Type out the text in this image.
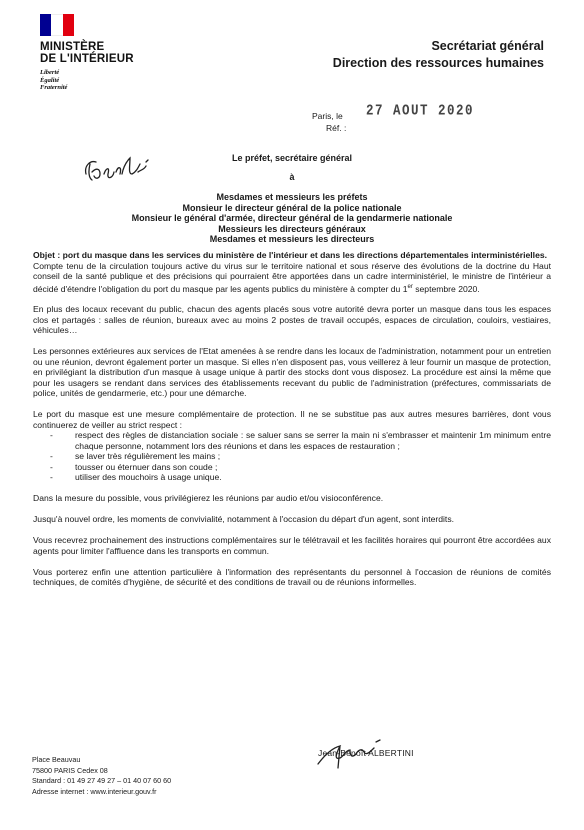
MINISTÈRE
DE L'INTÉRIEUR
Liberté
Égalité
Fraternité
Secrétariat général
Direction des ressources humaines
Paris, le
Réf. :
27 AOUT 2020
Le préfet, secrétaire général
à
Mesdames et messieurs les préfets
Monsieur le directeur général de la police nationale
Monsieur le général d'armée, directeur général de la gendarmerie nationale
Messieurs les directeurs généraux
Mesdames et messieurs les directeurs

Objet : port du masque dans les services du ministère de l'intérieur et dans les directions départementales interministérielles.

Compte tenu de la circulation toujours active du virus sur le territoire national et sous réserve des évolutions de la doctrine du Haut conseil de la santé publique et des précisions qui pourraient être apportées dans un cadre interministériel, le ministre de l'intérieur a décidé d'étendre l'obligation du port du masque par les agents publics du ministère à compter du 1er septembre 2020.

En plus des locaux recevant du public, chacun des agents placés sous votre autorité devra porter un masque dans tous les espaces clos et partagés : salles de réunion, bureaux avec au moins 2 postes de travail occupés, espaces de circulation, couloirs, vestiaires, véhicules…

Les personnes extérieures aux services de l'Etat amenées à se rendre dans les locaux de l'administration, notamment pour un entretien ou une réunion, devront également porter un masque. Si elles n'en disposent pas, vous veillerez à leur fournir un masque de protection, en privilégiant la distribution d'un masque à usage unique à partir des stocks dont vous disposez. La procédure est ainsi la même que pour les usagers se rendant dans services des établissements recevant du public de l'administration (préfectures, commissariats de police, unités de gendarmerie, etc.) pour une démarche.

Le port du masque est une mesure complémentaire de protection. Il ne se substitue pas aux autres mesures barrières, dont vous continuerez de veiller au strict respect :

-	respect des règles de distanciation sociale : se saluer sans se serrer la main ni s'embrasser et maintenir 1m minimum entre chaque personne, notamment lors des réunions et dans les espaces de restauration ;
-	se laver très régulièrement les mains ;
-	tousser ou éternuer dans son coude ;
-	utiliser des mouchoirs à usage unique.

Dans la mesure du possible, vous privilégierez les réunions par audio et/ou visioconférence.

Jusqu'à nouvel ordre, les moments de convivialité, notamment à l'occasion du départ d'un agent, sont interdits.

Vous recevrez prochainement des instructions complémentaires sur le télétravail et les facilités horaires qui pourront être accordées aux agents pour limiter l'affluence dans les transports en commun.

Vous porterez enfin une attention particulière à l'information des représentants du personnel à l'occasion de réunions de comités techniques, de comités d'hygiène, de sécurité et des conditions de travail ou de réunions informelles.

Jean-Benoît ALBERTINI
Place Beauvau
75800 PARIS Cedex 08
Standard : 01 49 27 49 27 – 01 40 07 60 60
Adresse internet : www.interieur.gouv.fr
